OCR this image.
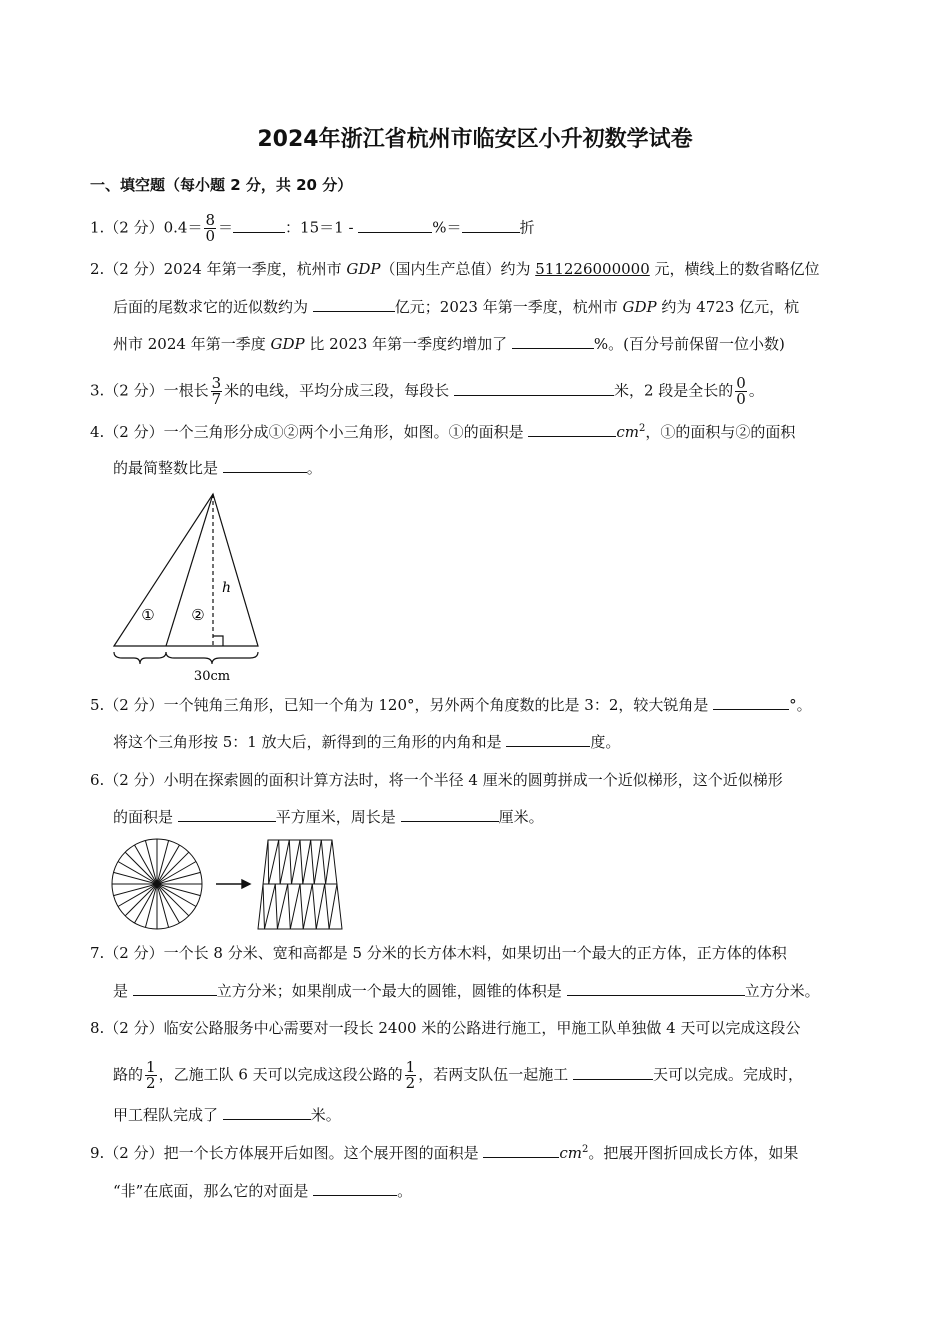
2024年浙江省杭州市临安区小升初数学试卷
一、填空题（每小题 2 分，共 20 分）
1.（2 分）$0.4= \frac{8}{0}$ ＝	：15＝1 -	%＝	折
2.（2 分）2024 年第一季度，杭州市 GDP（国内生产总值）约为 511226000000 元，横线上的数省略亿位
后面的尾数求它的近似数约为	亿元；2023 年第一季度，杭州市 GDP 约为 4723 亿元，杭
州市 2024 年第一季度 GDP 比 2023 年第一季度约增加了	%。(百分号前保留一位小数)
3.（2 分）一根长 $\frac{3}{7}$ 米的电线，平均分成三段，每段长	米，2 段是全长的 $\frac{0}{0}$ 。
4.（2 分）一个三角形分成①②两个小三角形，如图。①的面积是	$cm^2$，①的面积与②的面积
的最简整数比是	。
① ②
h
30cm
5.（2 分）一个钝角三角形，已知一个角为 120°，另外两个角度数的比是 3：2，较大锐角是	°。
将这个三角形按 5：1 放大后，新得到的三角形的内角和是	度。
6.（2 分）小明在探索圆的面积计算方法时，将一个半径 4 厘米的圆剪拼成一个近似梯形，这个近似梯形
的面积是	平方厘米，周长是	厘米。
7.（2 分）一个长 8 分米、宽和高都是 5 分米的长方体木料，如果切出一个最大的正方体，正方体的体积
是	立方分米；如果削成一个最大的圆锥，圆锥的体积是	立方分米。
8.（2 分）临安公路服务中心需要对一段长 2400 米的公路进行施工，甲施工队单独做 4 天可以完成这段公
路的 $\frac{1}{2}$ ，乙施工队 6 天可以完成这段公路的 $\frac{1}{2}$ ，若两支队伍一起施工	天可以完成。完成时，
甲工程队完成了	米。
9.（2 分）把一个长方体展开后如图。这个展开图的面积是	$cm^2$。把展开图折回成长方体，如果
“非”在底面，那么它的对面是	。
